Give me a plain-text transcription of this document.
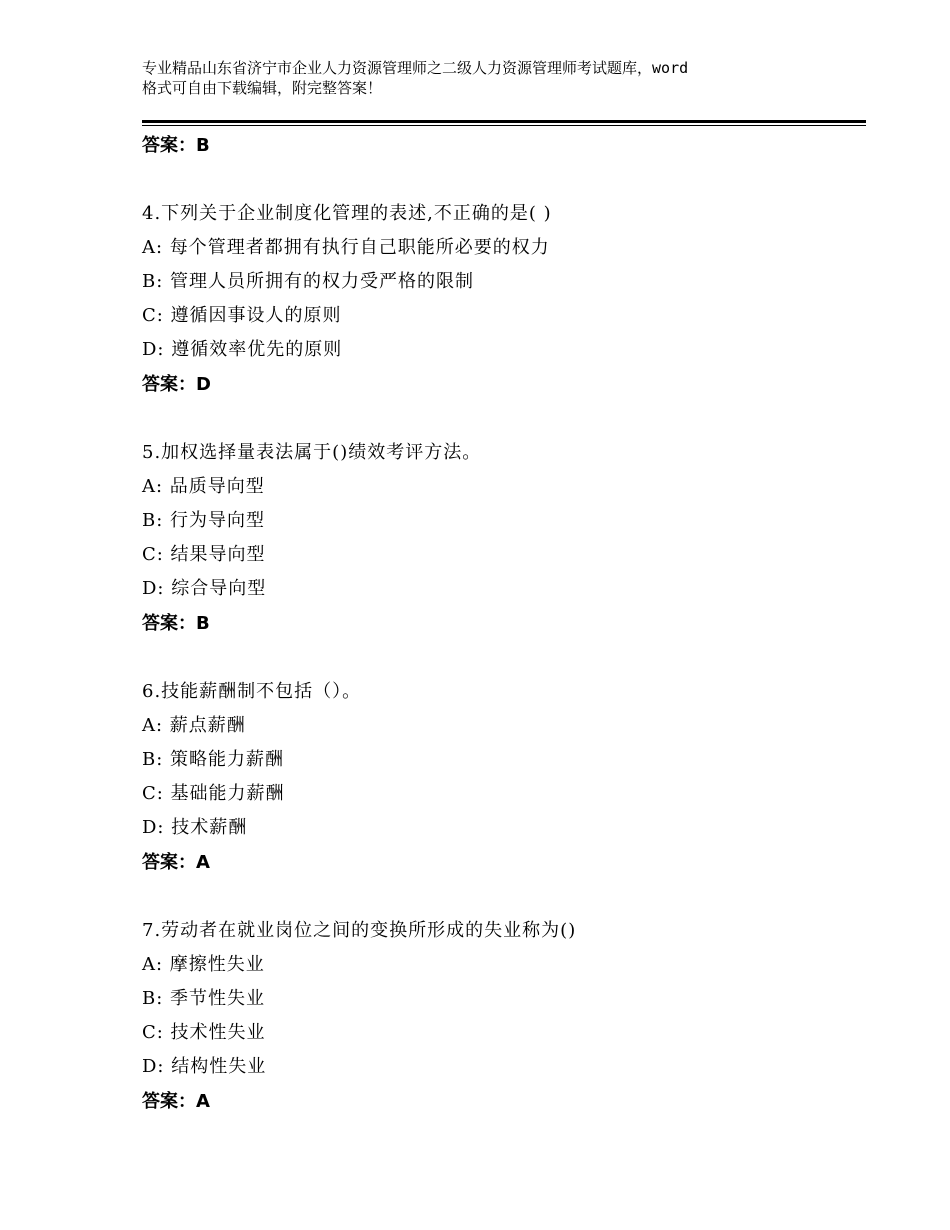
专业精品山东省济宁市企业人力资源管理师之二级人力资源管理师考试题库，word
格式可自由下载编辑，附完整答案！
答案：B
4.下列关于企业制度化管理的表述,不正确的是( )
A: 每个管理者都拥有执行自己职能所必要的权力
B: 管理人员所拥有的权力受严格的限制
C: 遵循因事设人的原则
D: 遵循效率优先的原则
答案：D
5.加权选择量表法属于()绩效考评方法。
A: 品质导向型
B: 行为导向型
C: 结果导向型
D: 综合导向型
答案：B
6.技能薪酬制不包括（）。
A: 薪点薪酬
B: 策略能力薪酬
C: 基础能力薪酬
D: 技术薪酬
答案：A
7.劳动者在就业岗位之间的变换所形成的失业称为()
A: 摩擦性失业
B: 季节性失业
C: 技术性失业
D: 结构性失业
答案：A
